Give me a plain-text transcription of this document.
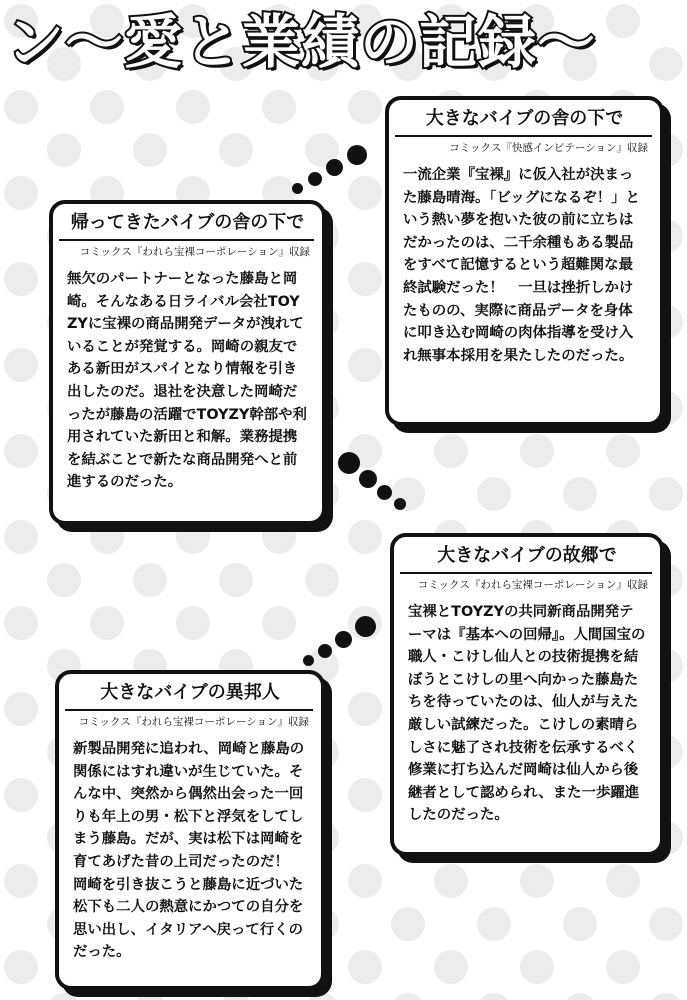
ン〜愛と業績の記録〜
大きなバイブの舎の下で
コミックス『快感インビテーション』収録
一流企業『宝裸』に仮入社が決まった藤島晴海。「ビッグになるぞ！」という熱い夢を抱いた彼の前に立ちはだかったのは、二千余種もある製品をすべて記憶するという超難関な最終試験だった！　一旦は挫折しかけたものの、実際に商品データを身体に叩き込む岡崎の肉体指導を受け入れ無事本採用を果たしたのだった。
帰ってきたバイブの舎の下で
コミックス『われら宝裸コーポレーション』収録
無欠のパートナーとなった藤島と岡崎。そんなある日ライバル会社TOYZYに宝裸の商品開発データが洩れていることが発覚する。岡崎の親友である新田がスパイとなり情報を引き出したのだ。退社を決意した岡崎だったが藤島の活躍でTOYZY幹部や利用されていた新田と和解。業務提携を結ぶことで新たな商品開発へと前進するのだった。
大きなバイブの故郷で
コミックス『われら宝裸コーポレーション』収録
宝裸とTOYZYの共同新商品開発テーマは『基本への回帰』。人間国宝の職人・こけし仙人との技術提携を結ぼうとこけしの里へ向かった藤島たちを待っていたのは、仙人が与えた厳しい試練だった。こけしの素晴らしさに魅了され技術を伝承するべく修業に打ち込んだ岡崎は仙人から後継者として認められ、また一歩躍進したのだった。
大きなバイブの異邦人
コミックス『われら宝裸コーポレーション』収録
新製品開発に追われ、岡崎と藤島の関係にはすれ違いが生じていた。そんな中、突然から偶然出会った一回りも年上の男・松下と浮気をしてしまう藤島。だが、実は松下は岡崎を育てあげた昔の上司だったのだ！　岡崎を引き抜こうと藤島に近づいた松下も二人の熱意にかつての自分を思い出し、イタリアへ戻って行くのだった。
